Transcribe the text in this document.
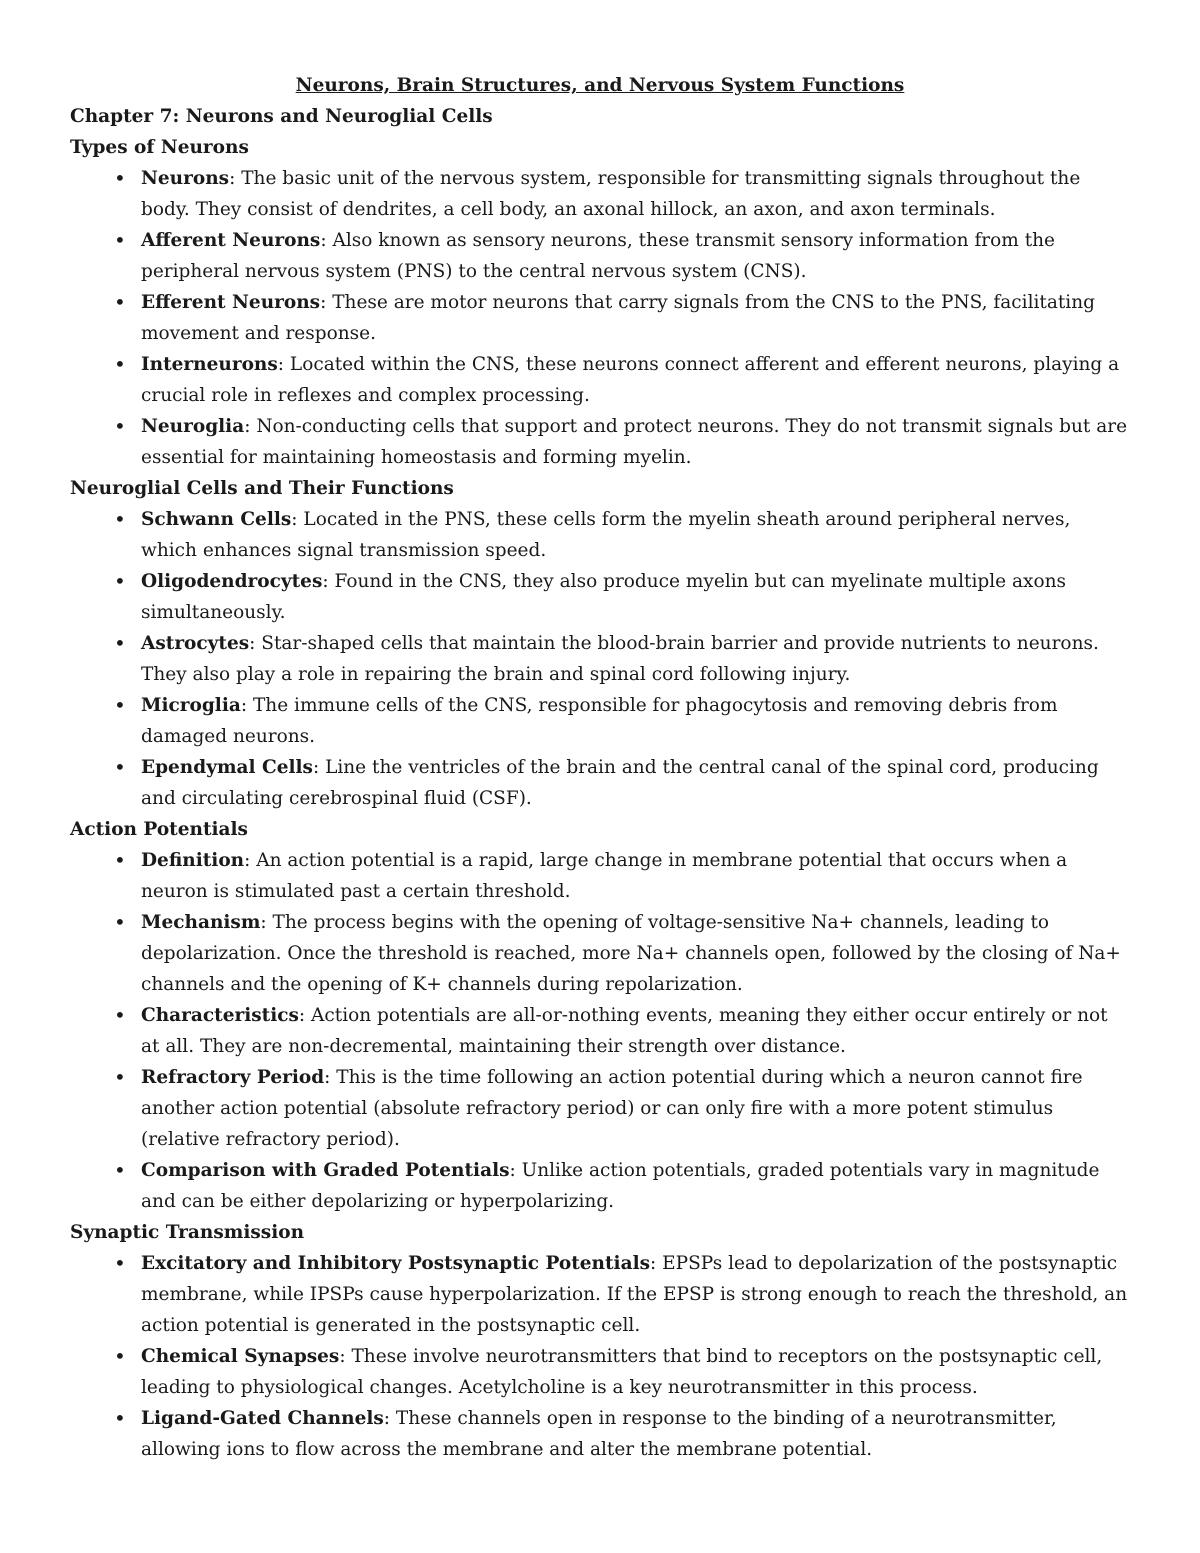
Neurons, Brain Structures, and Nervous System Functions
Chapter 7: Neurons and Neuroglial Cells
Types of Neurons
• Neurons: The basic unit of the nervous system, responsible for transmitting signals throughout the body. They consist of dendrites, a cell body, an axonal hillock, an axon, and axon terminals.
• Afferent Neurons: Also known as sensory neurons, these transmit sensory information from the peripheral nervous system (PNS) to the central nervous system (CNS).
• Efferent Neurons: These are motor neurons that carry signals from the CNS to the PNS, facilitating movement and response.
• Interneurons: Located within the CNS, these neurons connect afferent and efferent neurons, playing a crucial role in reflexes and complex processing.
• Neuroglia: Non-conducting cells that support and protect neurons. They do not transmit signals but are essential for maintaining homeostasis and forming myelin.
Neuroglial Cells and Their Functions
• Schwann Cells: Located in the PNS, these cells form the myelin sheath around peripheral nerves, which enhances signal transmission speed.
• Oligodendrocytes: Found in the CNS, they also produce myelin but can myelinate multiple axons simultaneously.
• Astrocytes: Star-shaped cells that maintain the blood-brain barrier and provide nutrients to neurons. They also play a role in repairing the brain and spinal cord following injury.
• Microglia: The immune cells of the CNS, responsible for phagocytosis and removing debris from damaged neurons.
• Ependymal Cells: Line the ventricles of the brain and the central canal of the spinal cord, producing and circulating cerebrospinal fluid (CSF).
Action Potentials
• Definition: An action potential is a rapid, large change in membrane potential that occurs when a neuron is stimulated past a certain threshold.
• Mechanism: The process begins with the opening of voltage-sensitive Na+ channels, leading to depolarization. Once the threshold is reached, more Na+ channels open, followed by the closing of Na+ channels and the opening of K+ channels during repolarization.
• Characteristics: Action potentials are all-or-nothing events, meaning they either occur entirely or not at all. They are non-decremental, maintaining their strength over distance.
• Refractory Period: This is the time following an action potential during which a neuron cannot fire another action potential (absolute refractory period) or can only fire with a more potent stimulus (relative refractory period).
• Comparison with Graded Potentials: Unlike action potentials, graded potentials vary in magnitude and can be either depolarizing or hyperpolarizing.
Synaptic Transmission
• Excitatory and Inhibitory Postsynaptic Potentials: EPSPs lead to depolarization of the postsynaptic membrane, while IPSPs cause hyperpolarization. If the EPSP is strong enough to reach the threshold, an action potential is generated in the postsynaptic cell.
• Chemical Synapses: These involve neurotransmitters that bind to receptors on the postsynaptic cell, leading to physiological changes. Acetylcholine is a key neurotransmitter in this process.
• Ligand-Gated Channels: These channels open in response to the binding of a neurotransmitter, allowing ions to flow across the membrane and alter the membrane potential.
